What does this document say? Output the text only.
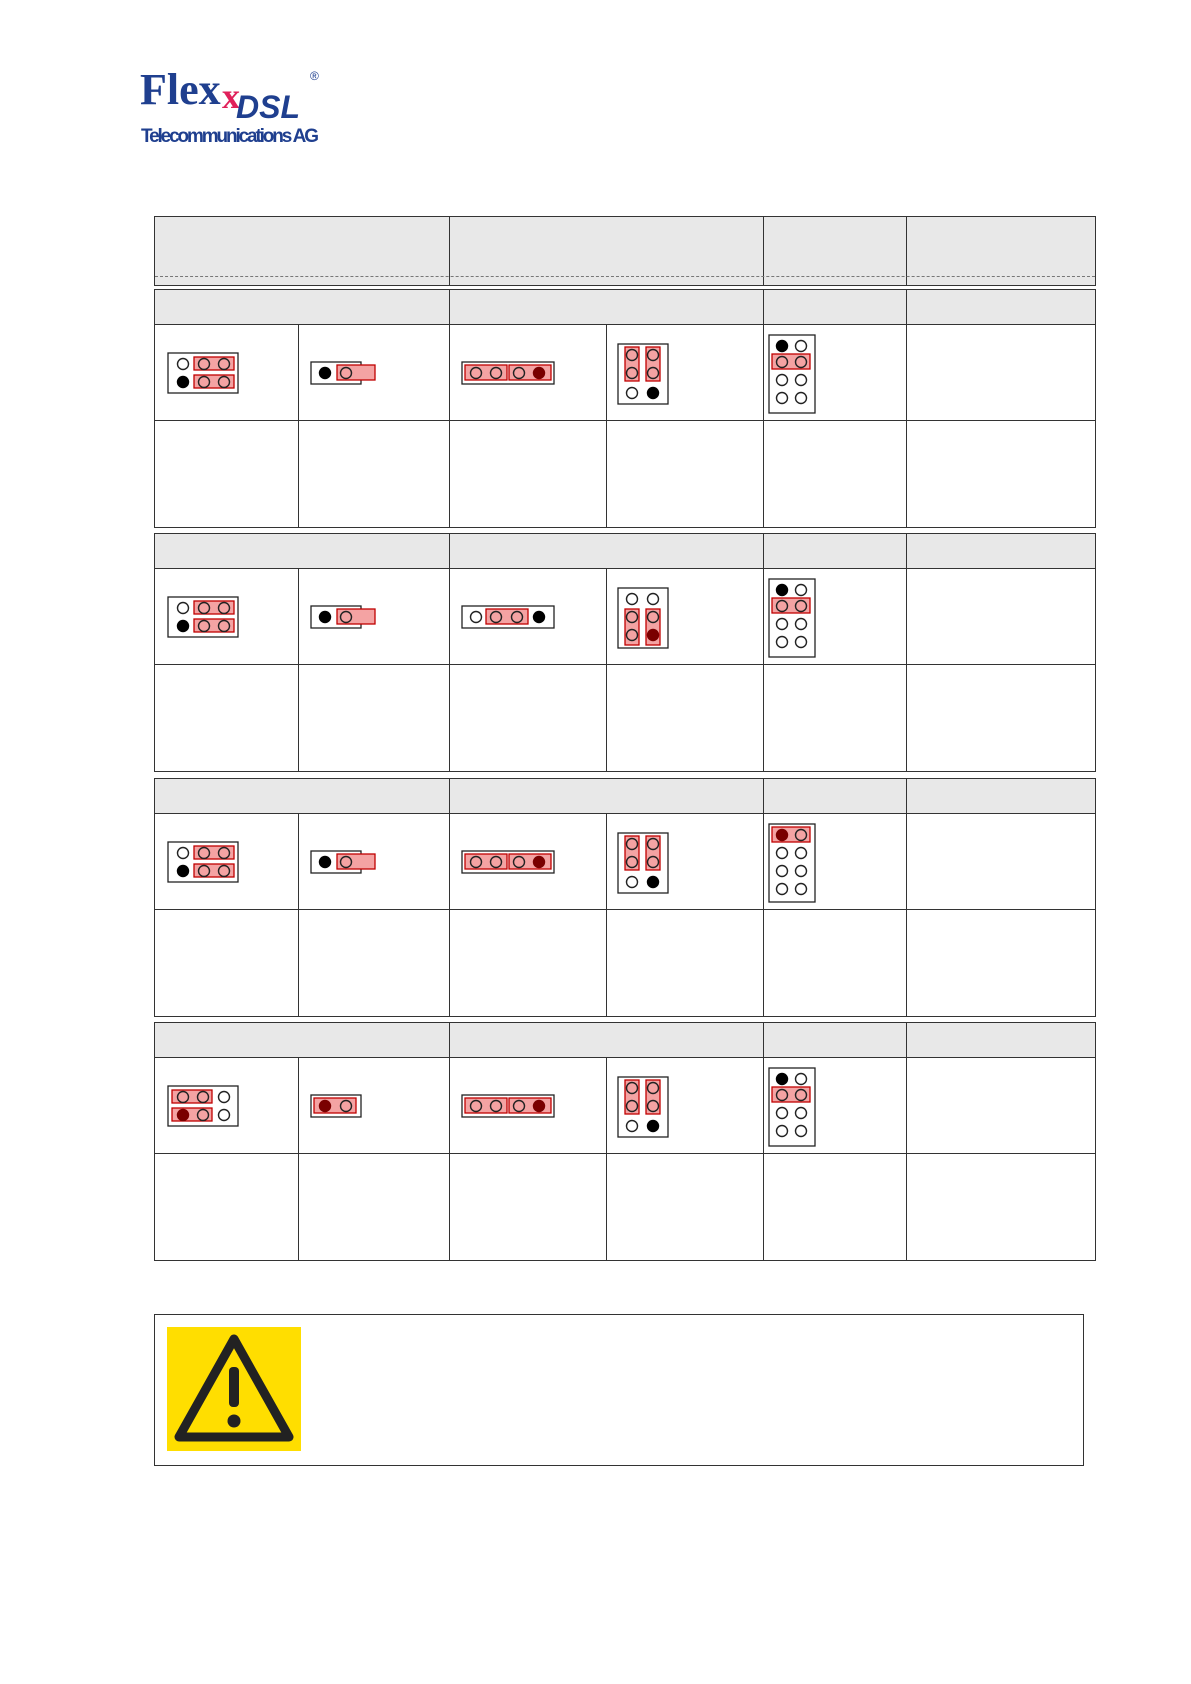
Flex x
DSL
®
Telecommunications AG
